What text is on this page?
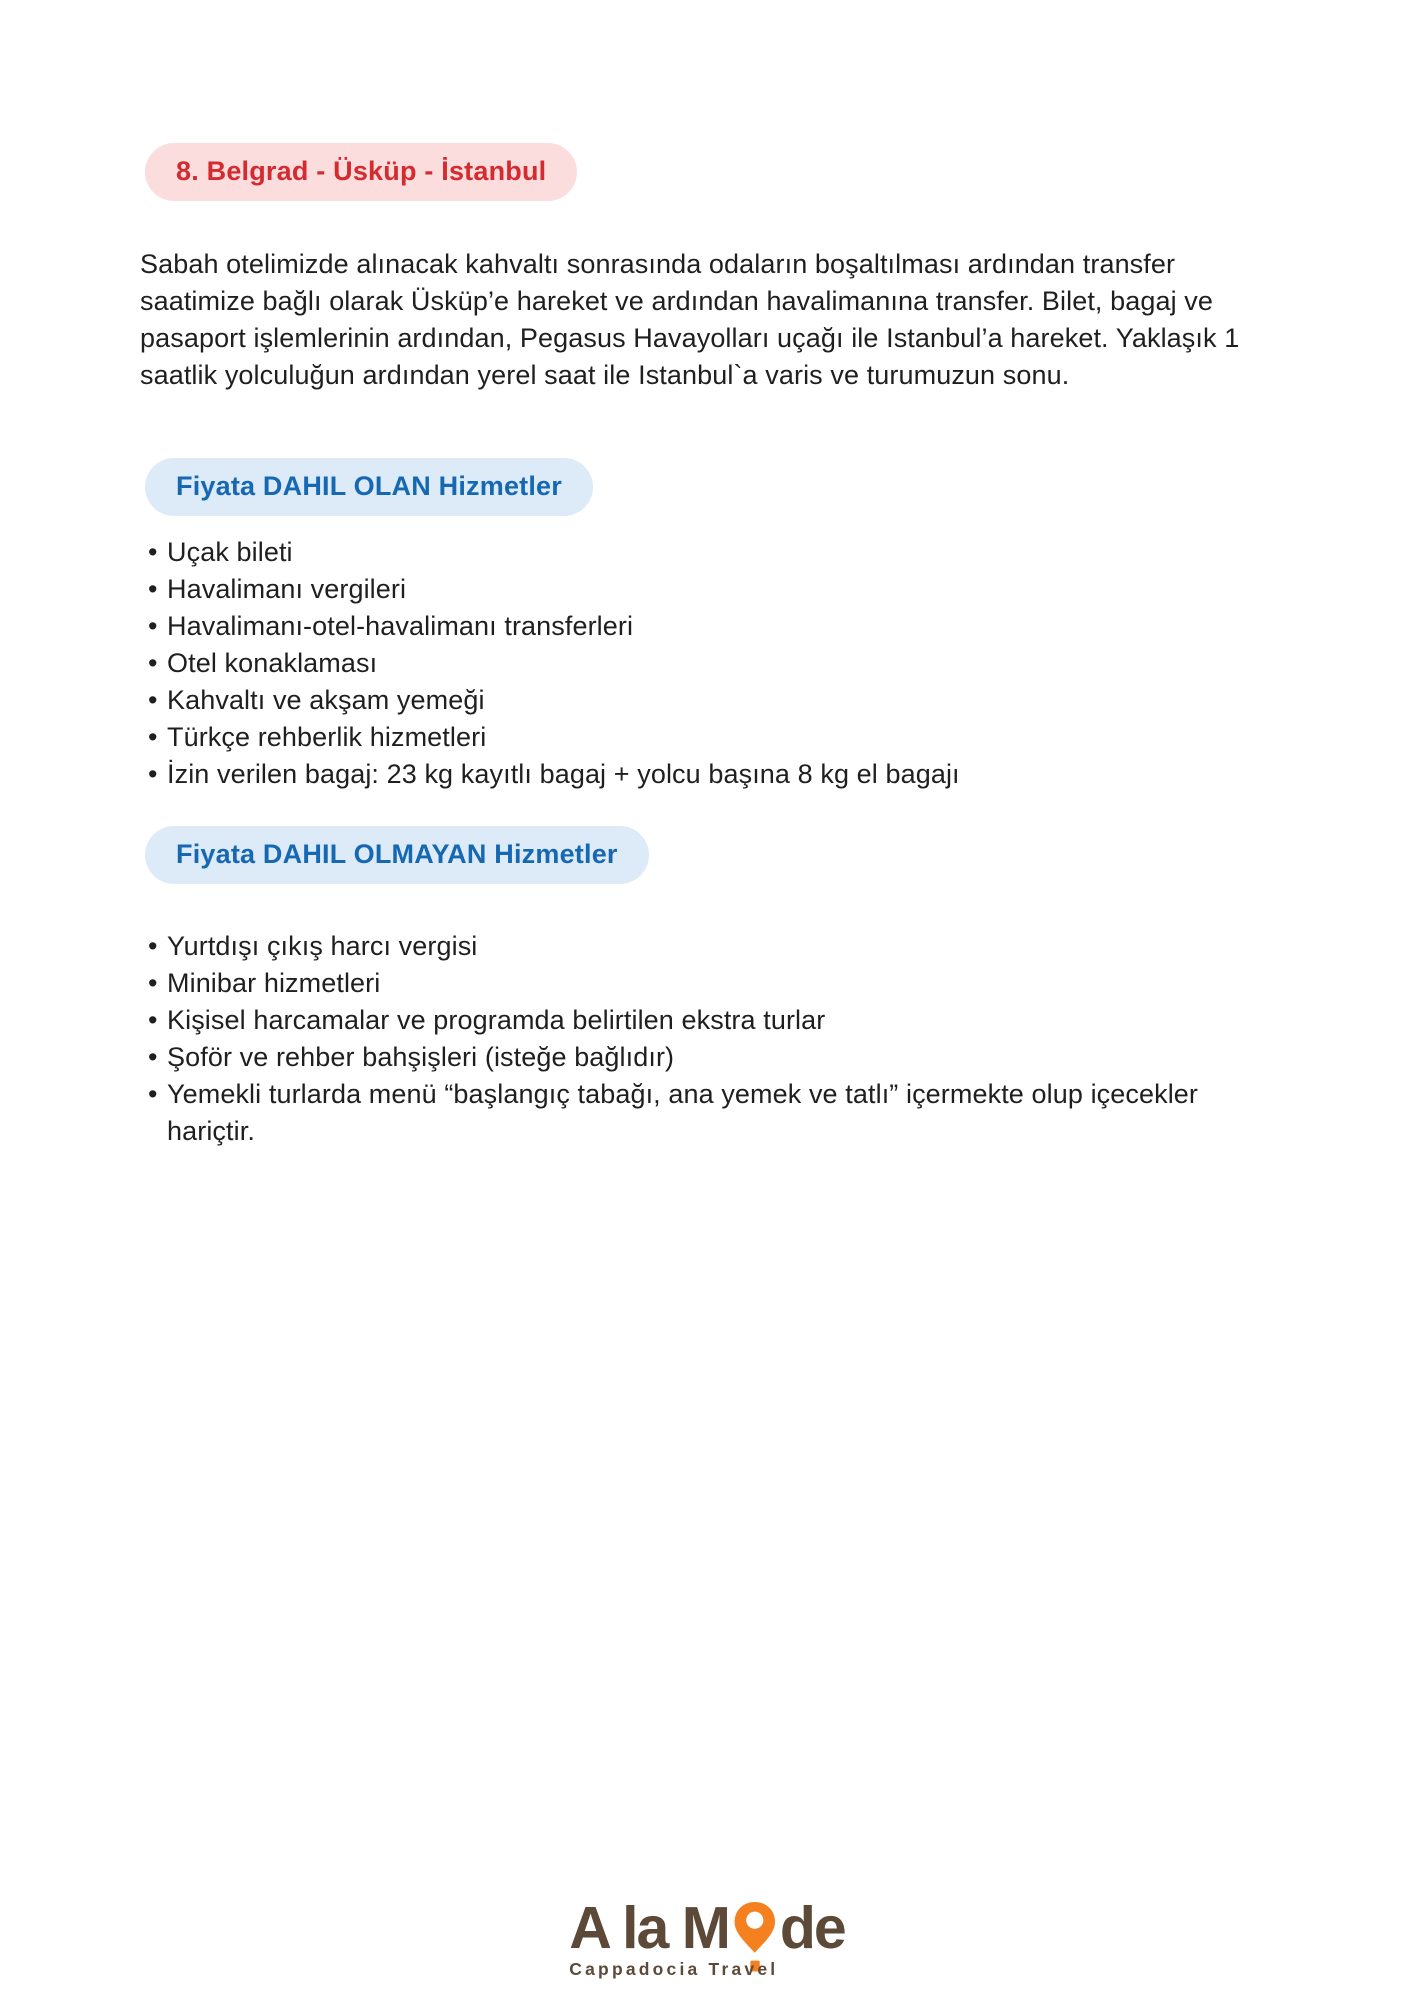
8. Belgrad - Üsküp - İstanbul

Sabah otelimizde alınacak kahvaltı sonrasında odaların boşaltılması ardından transfer saatimize bağlı olarak Üsküp’e hareket ve ardından havalimanına transfer. Bilet, bagaj ve pasaport işlemlerinin ardından, Pegasus Havayolları uçağı ile Istanbul’a hareket. Yaklaşık 1 saatlik yolculuğun ardından yerel saat ile Istanbul`a varis ve turumuzun sonu.

Fiyata DAHIL OLAN Hizmetler
• Uçak bileti
• Havalimanı vergileri
• Havalimanı-otel-havalimanı transferleri
• Otel konaklaması
• Kahvaltı ve akşam yemeği
• Türkçe rehberlik hizmetleri
• İzin verilen bagaj: 23 kg kayıtlı bagaj + yolcu başına 8 kg el bagajı
Fiyata DAHIL OLMAYAN Hizmetler
• Yurtdışı çıkış harcı vergisi
• Minibar hizmetleri
• Kişisel harcamalar ve programda belirtilen ekstra turlar
• Şoför ve rehber bahşişleri (isteğe bağlıdır)
• Yemekli turlarda menü “başlangıç tabağı, ana yemek ve tatlı” içermekte olup içecekler hariçtir.
A la M de
Cappadocia Travel
